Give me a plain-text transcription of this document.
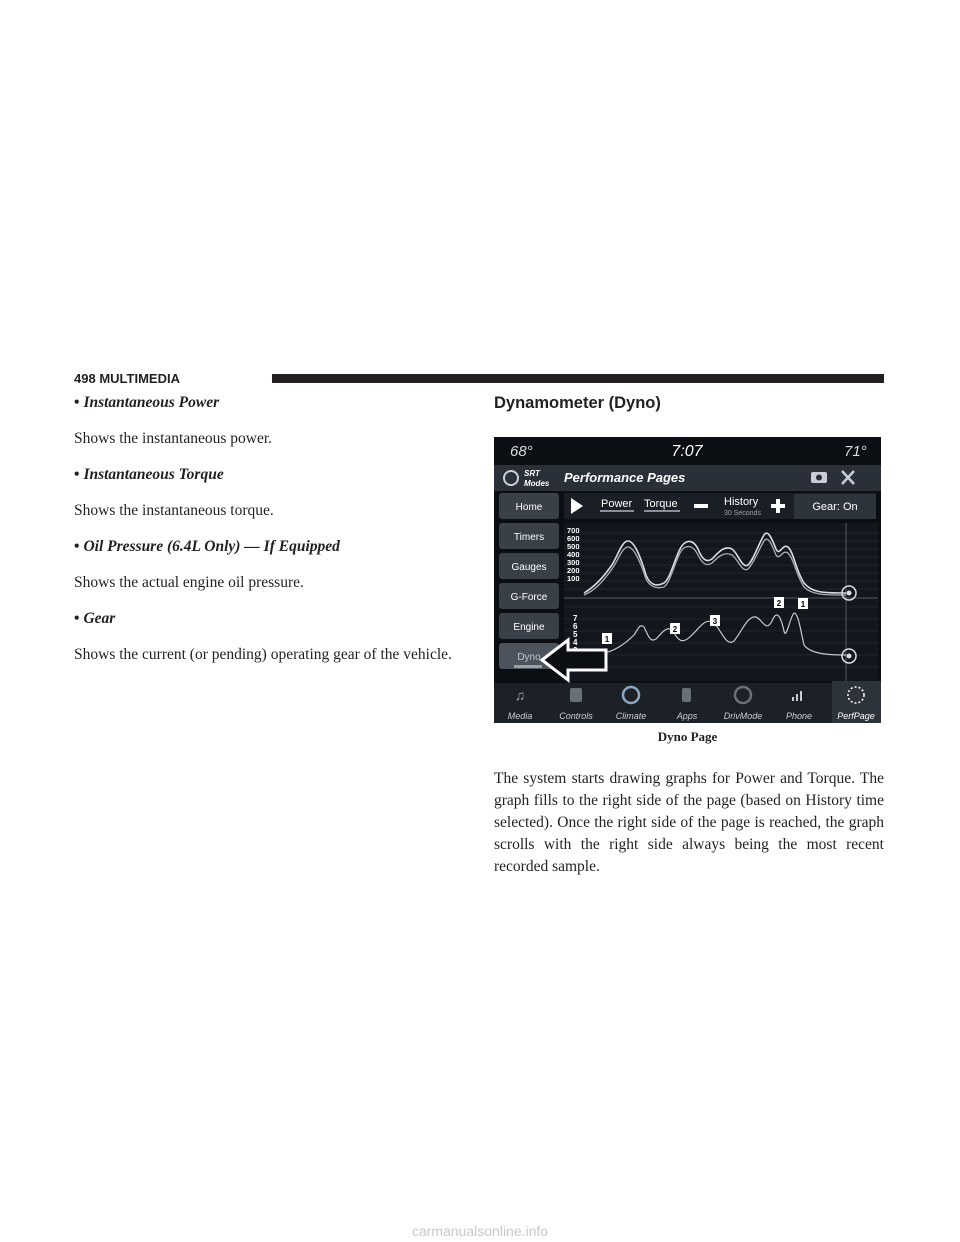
498 MULTIMEDIA

• Instantaneous Power

Shows the instantaneous power.

• Instantaneous Torque

Shows the instantaneous torque.

• Oil Pressure (6.4L Only) — If Equipped

Shows the actual engine oil pressure.

• Gear

Shows the current (or pending) operating gear of the vehicle.

Dynamometer (Dyno)
68°	7:07	71°
SRT
Modes Performance Pages
Home
Timers
Gauges
G-Force
Engine
Dyno
Power Torque	History
30 Seconds
Gear: On
700
600
500
400
300
200
100
7
6
5
4	1
2
3
2 1
♫
Media	Controls	Climate	Apps	DrivMode	Phone	PerfPage
Dyno Page

The system starts drawing graphs for Power and Torque. The graph fills to the right side of the page (based on History time selected). Once the right side of the page is reached, the graph scrolls with the right side always being the most recent recorded sample.

carmanualsonline.info
